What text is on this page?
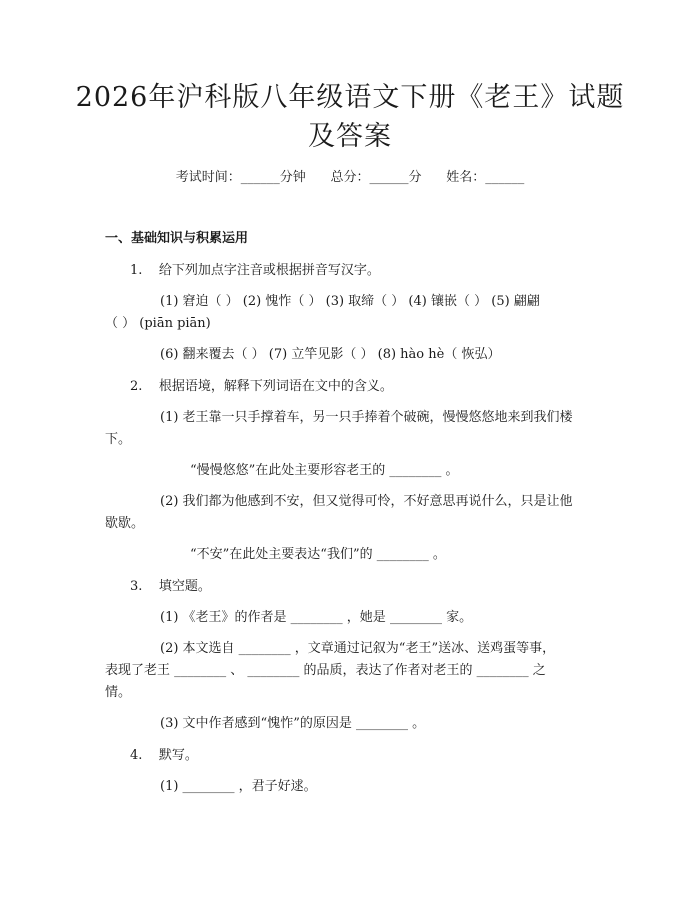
2026年沪科版八年级语文下册《老王》试题
及答案
考试时间：______分钟      总分：______分      姓名：______
一、基础知识与积累运用
1.    给下列加点字注音或根据拼音写汉字。
(1) 窘迫（ ） (2) 愧怍（ ） (3) 取缔（ ） (4) 镶嵌（ ） (5) 翩翩
（ ） (piān piān)
(6) 翻来覆去（ ） (7) 立竿见影（ ） (8) hào hè（ 恢弘）
2.    根据语境，解释下列词语在文中的含义。
(1) 老王靠一只手撑着车，另一只手捧着个破碗，慢慢悠悠地来到我们楼
下。
“慢慢悠悠”在此处主要形容老王的 ________ 。
(2) 我们都为他感到不安，但又觉得可怜，不好意思再说什么，只是让他
歇歇。
“不安”在此处主要表达“我们”的 ________ 。
3.    填空题。
(1) 《老王》的作者是 ________ ，她是 ________ 家。
(2) 本文选自 ________ ，文章通过记叙为“老王”送冰、送鸡蛋等事，
表现了老王 ________ 、 ________ 的品质，表达了作者对老王的 ________ 之
情。
(3) 文中作者感到“愧怍”的原因是 ________ 。
4.    默写。
(1) ________ ，君子好逑。
